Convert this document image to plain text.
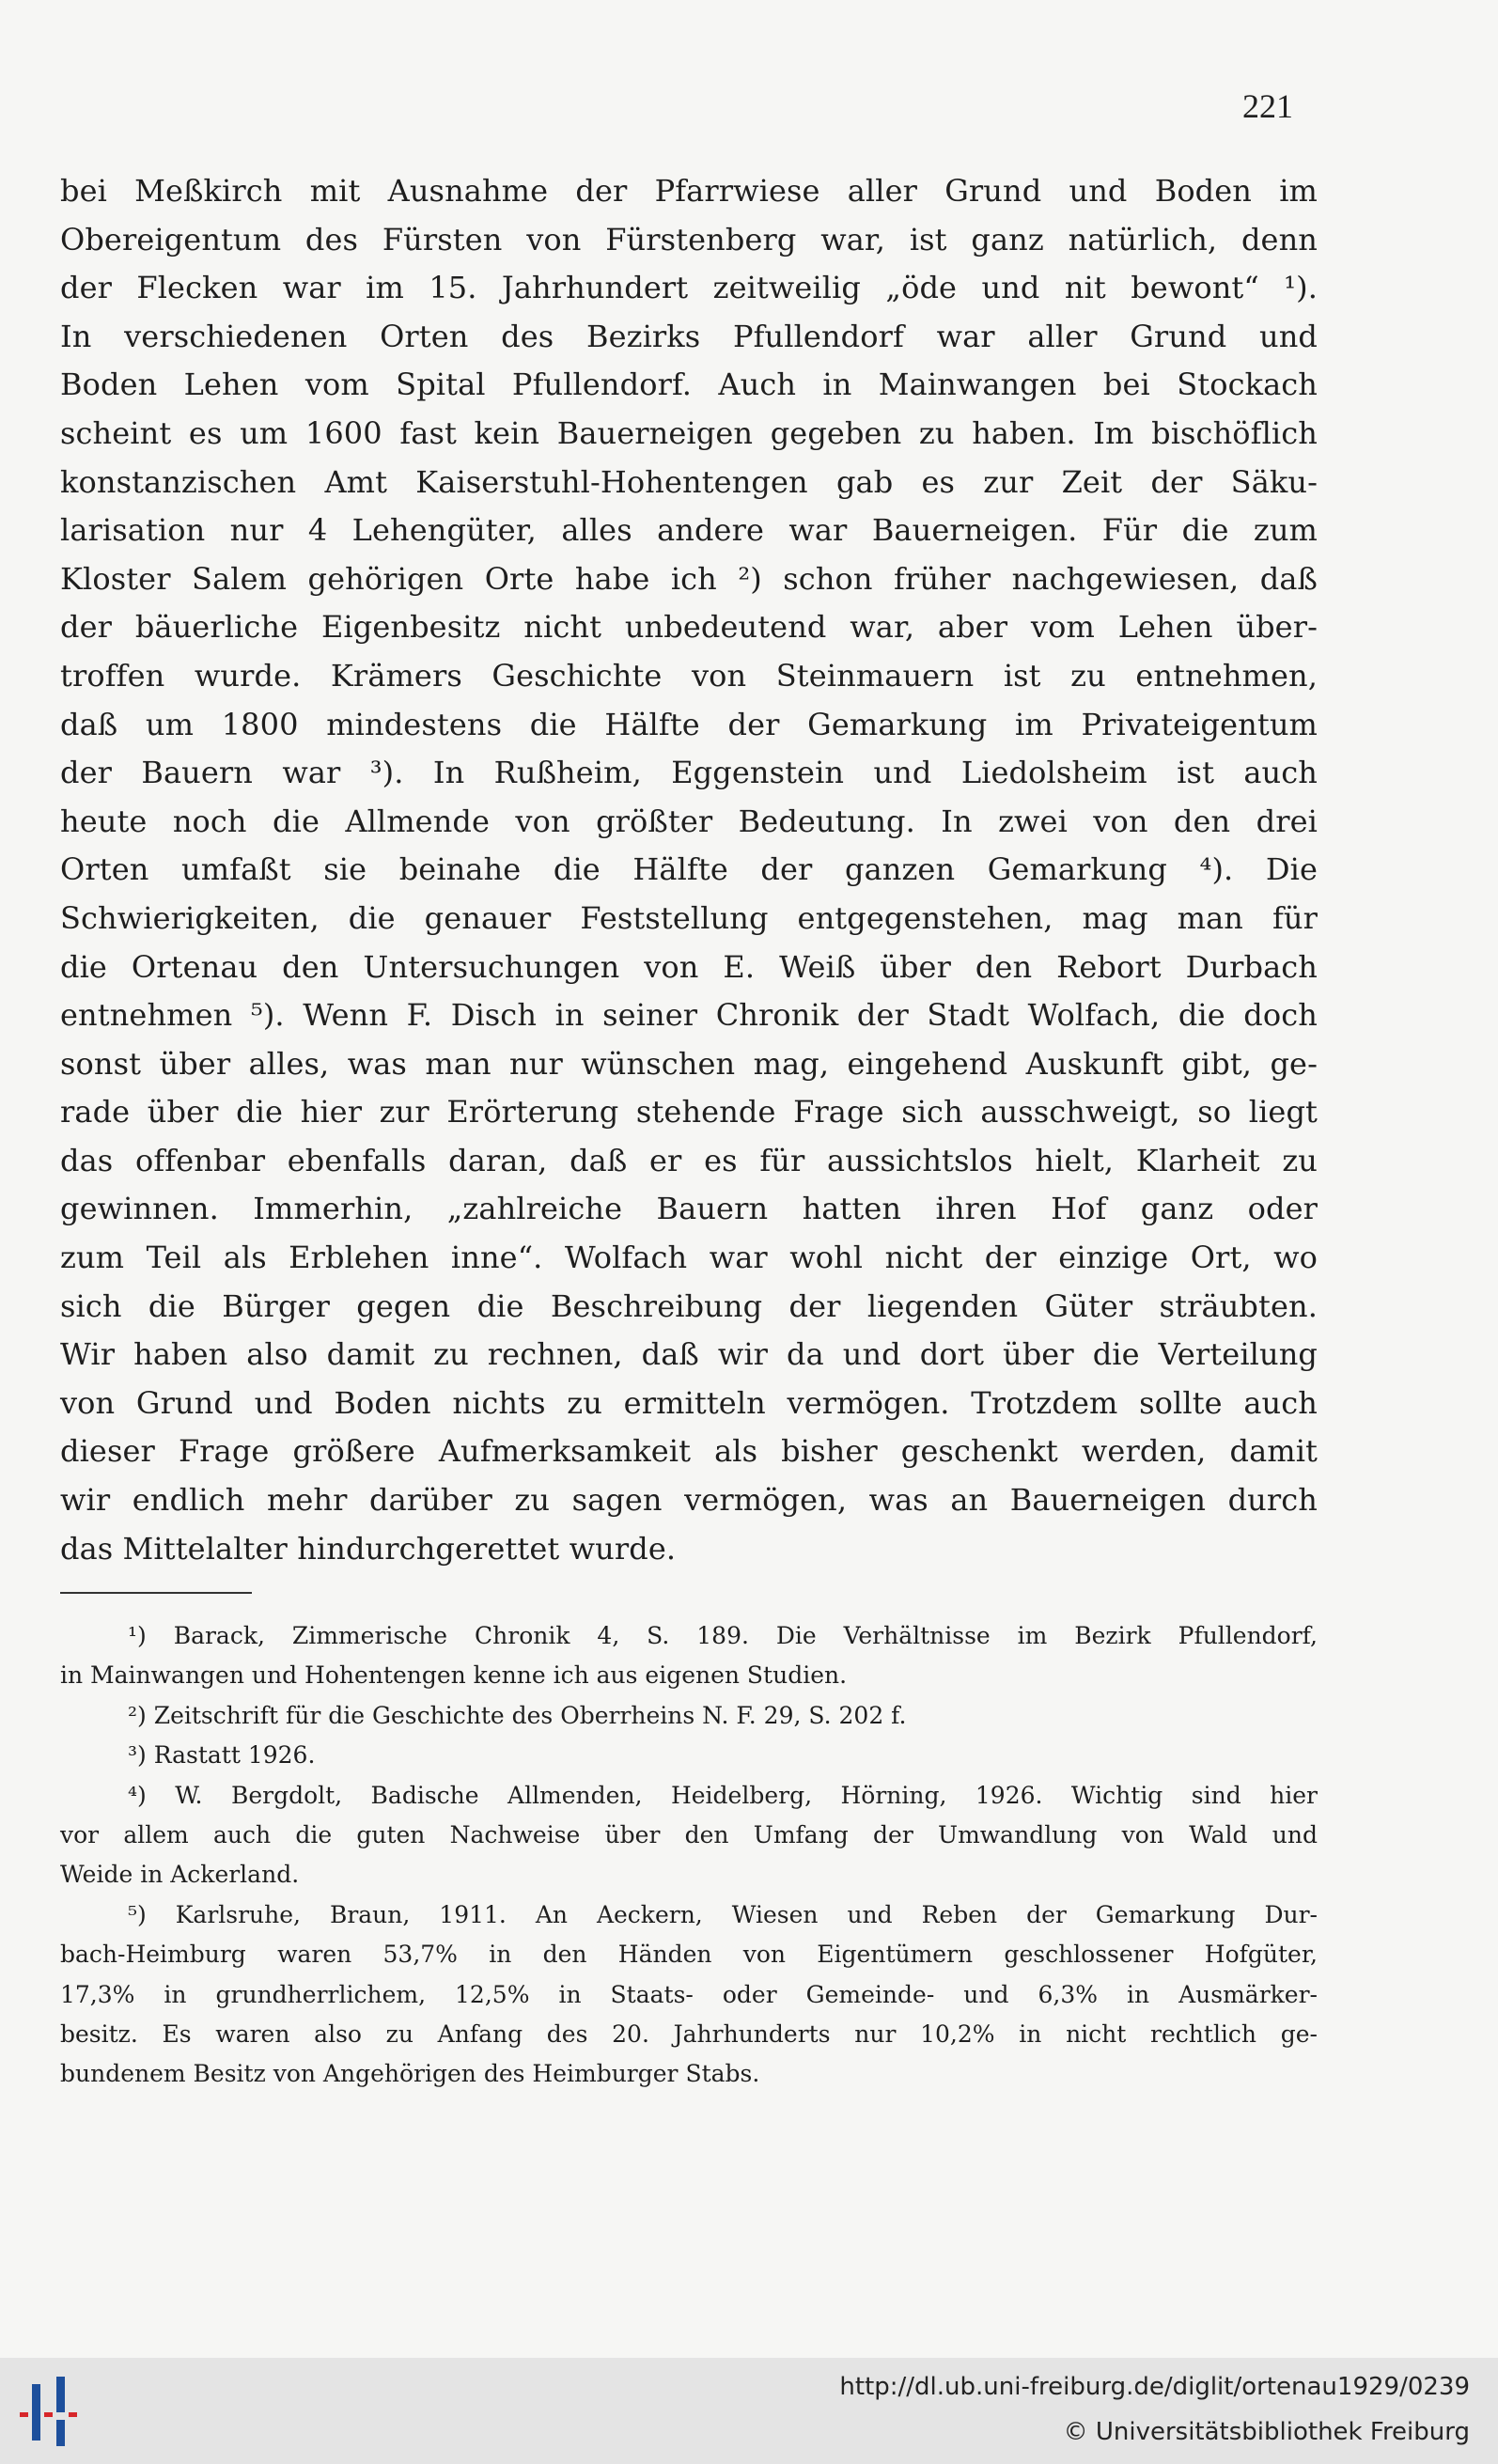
221
bei Meßkirch mit Ausnahme der Pfarrwiese aller Grund und Boden im
Obereigentum des Fürsten von Fürstenberg war, ist ganz natürlich, denn
der Flecken war im 15. Jahrhundert zeitweilig „öde und nit bewont“ ¹).
In verschiedenen Orten des Bezirks Pfullendorf war aller Grund und
Boden Lehen vom Spital Pfullendorf. Auch in Mainwangen bei Stockach
scheint es um 1600 fast kein Bauerneigen gegeben zu haben. Im bischöflich
konstanzischen Amt Kaiserstuhl-Hohentengen gab es zur Zeit der Säku-
larisation nur 4 Lehengüter, alles andere war Bauerneigen. Für die zum
Kloster Salem gehörigen Orte habe ich ²) schon früher nachgewiesen, daß
der bäuerliche Eigenbesitz nicht unbedeutend war, aber vom Lehen über-
troffen wurde. Krämers Geschichte von Steinmauern ist zu entnehmen,
daß um 1800 mindestens die Hälfte der Gemarkung im Privateigentum
der Bauern war ³). In Rußheim, Eggenstein und Liedolsheim ist auch
heute noch die Allmende von größter Bedeutung. In zwei von den drei
Orten umfaßt sie beinahe die Hälfte der ganzen Gemarkung ⁴). Die
Schwierigkeiten, die genauer Feststellung entgegenstehen, mag man für
die Ortenau den Untersuchungen von E. Weiß über den Rebort Durbach
entnehmen ⁵). Wenn F. Disch in seiner Chronik der Stadt Wolfach, die doch
sonst über alles, was man nur wünschen mag, eingehend Auskunft gibt, ge-
rade über die hier zur Erörterung stehende Frage sich ausschweigt, so liegt
das offenbar ebenfalls daran, daß er es für aussichtslos hielt, Klarheit zu
gewinnen. Immerhin, „zahlreiche Bauern hatten ihren Hof ganz oder
zum Teil als Erblehen inne“. Wolfach war wohl nicht der einzige Ort, wo
sich die Bürger gegen die Beschreibung der liegenden Güter sträubten.
Wir haben also damit zu rechnen, daß wir da und dort über die Verteilung
von Grund und Boden nichts zu ermitteln vermögen. Trotzdem sollte auch
dieser Frage größere Aufmerksamkeit als bisher geschenkt werden, damit
wir endlich mehr darüber zu sagen vermögen, was an Bauerneigen durch
das Mittelalter hindurchgerettet wurde.
¹) Barack, Zimmerische Chronik 4, S. 189. Die Verhältnisse im Bezirk Pfullendorf,
in Mainwangen und Hohentengen kenne ich aus eigenen Studien.
²) Zeitschrift für die Geschichte des Oberrheins N. F. 29, S. 202 f.
³) Rastatt 1926.
⁴) W. Bergdolt, Badische Allmenden, Heidelberg, Hörning, 1926. Wichtig sind hier
vor allem auch die guten Nachweise über den Umfang der Umwandlung von Wald und
Weide in Ackerland.
⁵) Karlsruhe, Braun, 1911. An Aeckern, Wiesen und Reben der Gemarkung Dur-
bach-Heimburg waren 53,7% in den Händen von Eigentümern geschlossener Hofgüter,
17,3% in grundherrlichem, 12,5% in Staats- oder Gemeinde- und 6,3% in Ausmärker-
besitz. Es waren also zu Anfang des 20. Jahrhunderts nur 10,2% in nicht rechtlich ge-
bundenem Besitz von Angehörigen des Heimburger Stabs.
http://dl.ub.uni-freiburg.de/diglit/ortenau1929/0239
© Universitätsbibliothek Freiburg
